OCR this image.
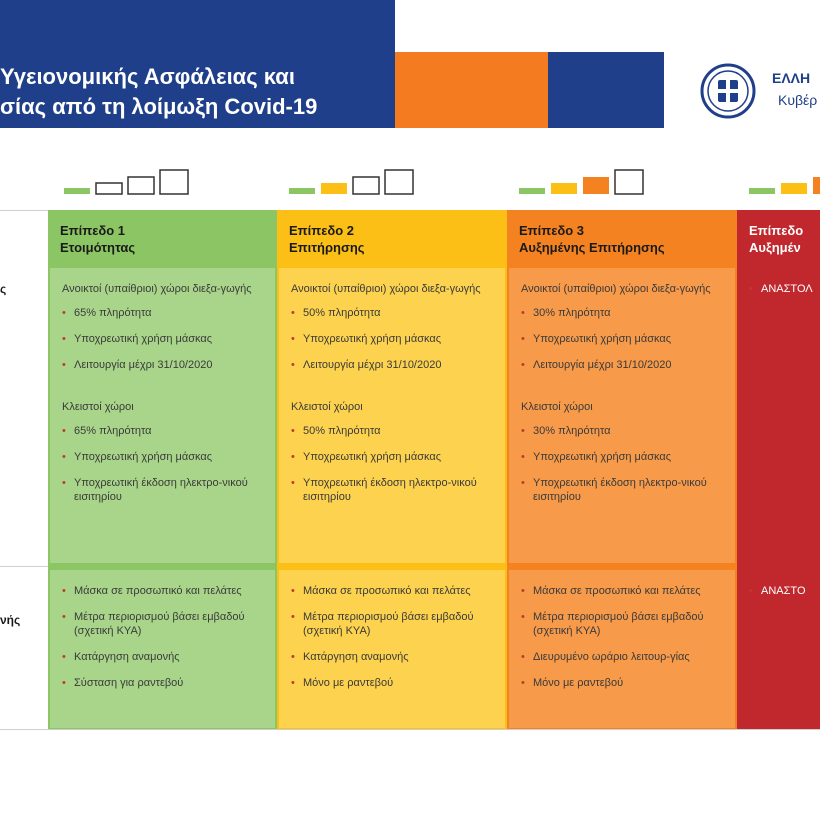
Υγειονομικής Ασφάλειας και
σίας από τη λοίμωξη Covid-19
ΕΛΛΗ
Κυβέρ
ς
νής
Επίπεδο 1
Ετοιμότητας
Επίπεδο 2
Επιτήρησης
Επίπεδο 3
Αυξημένης Επιτήρησης
Επίπεδο
Αυξημέν

Ανοικτοί (υπαίθριοι) χώροι διεξα-γωγής

• 65% πληρότητα
• Υποχρεωτική χρήση μάσκας
• Λειτουργία μέχρι 31/10/2020

Κλειστοί χώροι

• 65% πληρότητα
• Υποχρεωτική χρήση μάσκας
• Υποχρεωτική έκδοση ηλεκτρο-νικού εισιτηρίου

Ανοικτοί (υπαίθριοι) χώροι διεξα-γωγής

• 50% πληρότητα
• Υποχρεωτική χρήση μάσκας
• Λειτουργία μέχρι 31/10/2020

Κλειστοί χώροι

• 50% πληρότητα
• Υποχρεωτική χρήση μάσκας
• Υποχρεωτική έκδοση ηλεκτρο-νικού εισιτηρίου

Ανοικτοί (υπαίθριοι) χώροι διεξα-γωγής

• 30% πληρότητα
• Υποχρεωτική χρήση μάσκας
• Λειτουργία μέχρι 31/10/2020

Κλειστοί χώροι

• 30% πληρότητα
• Υποχρεωτική χρήση μάσκας
• Υποχρεωτική έκδοση ηλεκτρο-νικού εισιτηρίου
• ΑΝΑΣΤΟΛ
• Μάσκα σε προσωπικό και πελάτες
• Μέτρα περιορισμού βάσει εμβαδού (σχετική ΚΥΑ)
• Κατάργηση αναμονής
• Σύσταση για ραντεβού
• Μάσκα σε προσωπικό και πελάτες
• Μέτρα περιορισμού βάσει εμβαδού (σχετική ΚΥΑ)
• Κατάργηση αναμονής
• Μόνο με ραντεβού
• Μάσκα σε προσωπικό και πελάτες
• Μέτρα περιορισμού βάσει εμβαδού (σχετική ΚΥΑ)
• Διευρυμένο ωράριο λειτουρ-γίας
• Μόνο με ραντεβού
• ΑΝΑΣΤΟ
